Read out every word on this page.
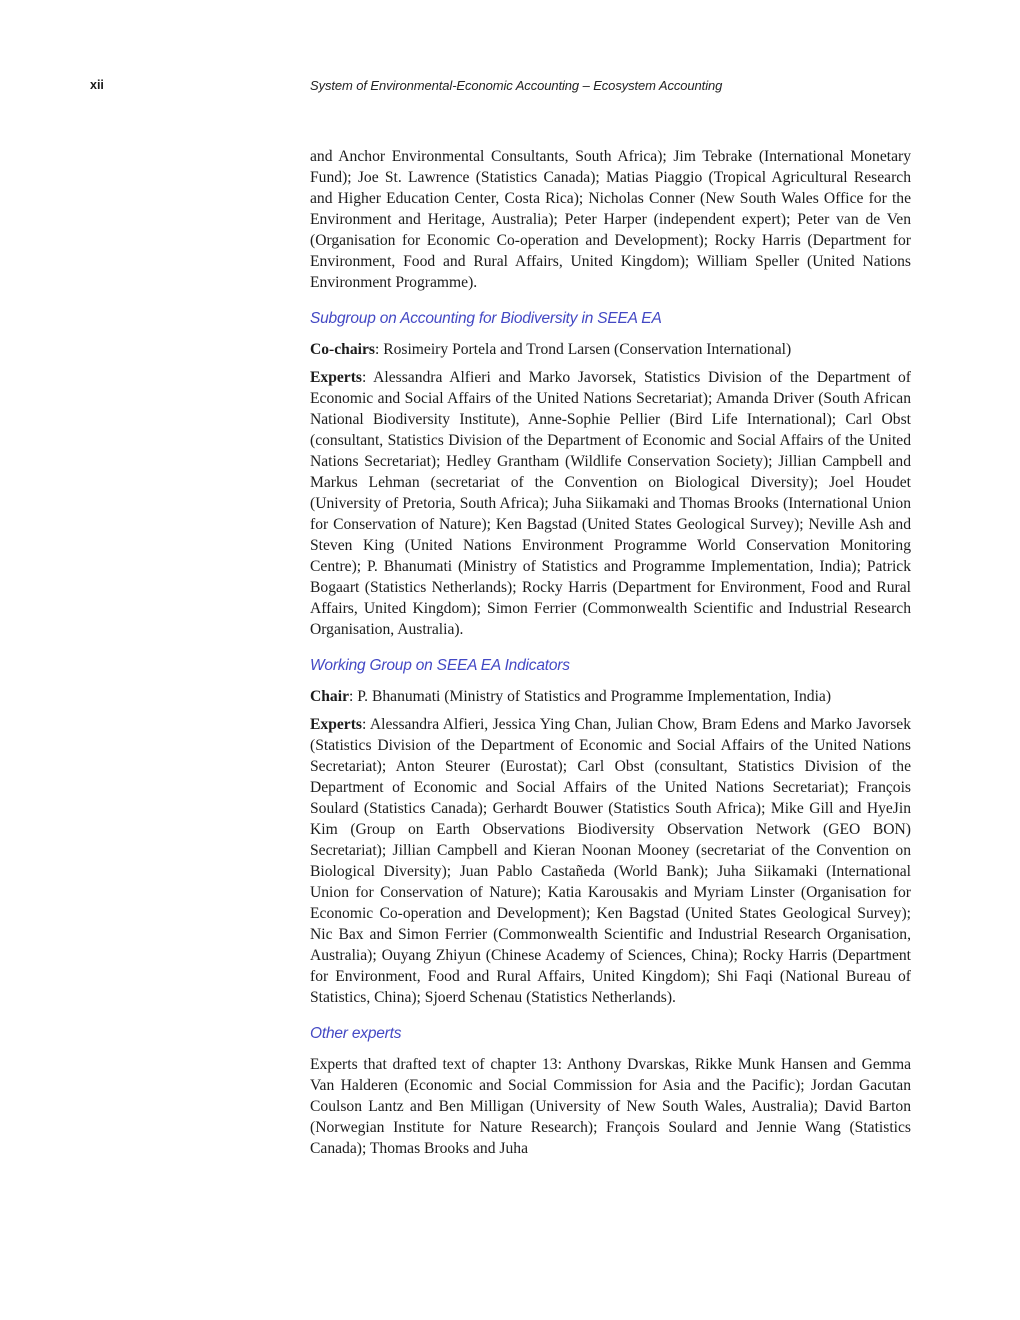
xii	System of Environmental-Economic Accounting – Ecosystem Accounting

and Anchor Environmental Consultants, South Africa); Jim Tebrake (International Monetary Fund); Joe St. Lawrence (Statistics Canada); Matias Piaggio (Tropical Agricultural Research and Higher Education Center, Costa Rica); Nicholas Conner (New South Wales Office for the Environment and Heritage, Australia); Peter Harper (independent expert); Peter van de Ven (Organisation for Economic Co-operation and Development); Rocky Harris (Department for Environment, Food and Rural Affairs, United Kingdom); William Speller (United Nations Environment Programme).

Subgroup on Accounting for Biodiversity in SEEA EA

Co-chairs: Rosimeiry Portela and Trond Larsen (Conservation International)

Experts: Alessandra Alfieri and Marko Javorsek, Statistics Division of the Department of Economic and Social Affairs of the United Nations Secretariat); Amanda Driver (South African National Biodiversity Institute), Anne-Sophie Pellier (Bird Life International); Carl Obst (consultant, Statistics Division of the Department of Economic and Social Affairs of the United Nations Secretariat); Hedley Grantham (Wildlife Conservation Society); Jillian Campbell and Markus Lehman (secretariat of the Convention on Biological Diversity); Joel Houdet (University of Pretoria, South Africa); Juha Siikamaki and Thomas Brooks (International Union for Conservation of Nature); Ken Bagstad (United States Geological Survey); Neville Ash and Steven King (United Nations Environment Programme World Conservation Monitoring Centre); P. Bhanumati (Ministry of Statistics and Programme Implementation, India); Patrick Bogaart (Statistics Netherlands); Rocky Harris (Department for Environment, Food and Rural Affairs, United Kingdom); Simon Ferrier (Commonwealth Scientific and Industrial Research Organisation, Australia).

Working Group on SEEA EA Indicators

Chair: P. Bhanumati (Ministry of Statistics and Programme Implementation, India)

Experts: Alessandra Alfieri, Jessica Ying Chan, Julian Chow, Bram Edens and Marko Javorsek (Statistics Division of the Department of Economic and Social Affairs of the United Nations Secretariat); Anton Steurer (Eurostat); Carl Obst (consultant, Statistics Division of the Department of Economic and Social Affairs of the United Nations Secretariat); François Soulard (Statistics Canada); Gerhardt Bouwer (Statistics South Africa); Mike Gill and HyeJin Kim (Group on Earth Observations Biodiversity Observation Network (GEO BON) Secretariat); Jillian Campbell and Kieran Noonan Mooney (secretariat of the Convention on Biological Diversity); Juan Pablo Castañeda (World Bank); Juha Siikamaki (International Union for Conservation of Nature); Katia Karousakis and Myriam Linster (Organisation for Economic Co-operation and Development); Ken Bagstad (United States Geological Survey); Nic Bax and Simon Ferrier (Commonwealth Scientific and Industrial Research Organisation, Australia); Ouyang Zhiyun (Chinese Academy of Sciences, China); Rocky Harris (Department for Environment, Food and Rural Affairs, United Kingdom); Shi Faqi (National Bureau of Statistics, China); Sjoerd Schenau (Statistics Netherlands).

Other experts

Experts that drafted text of chapter 13: Anthony Dvarskas, Rikke Munk Hansen and Gemma Van Halderen (Economic and Social Commission for Asia and the Pacific); Jordan Gacutan Coulson Lantz and Ben Milligan (University of New South Wales, Australia); David Barton (Norwegian Institute for Nature Research); François Soulard and Jennie Wang (Statistics Canada); Thomas Brooks and Juha
